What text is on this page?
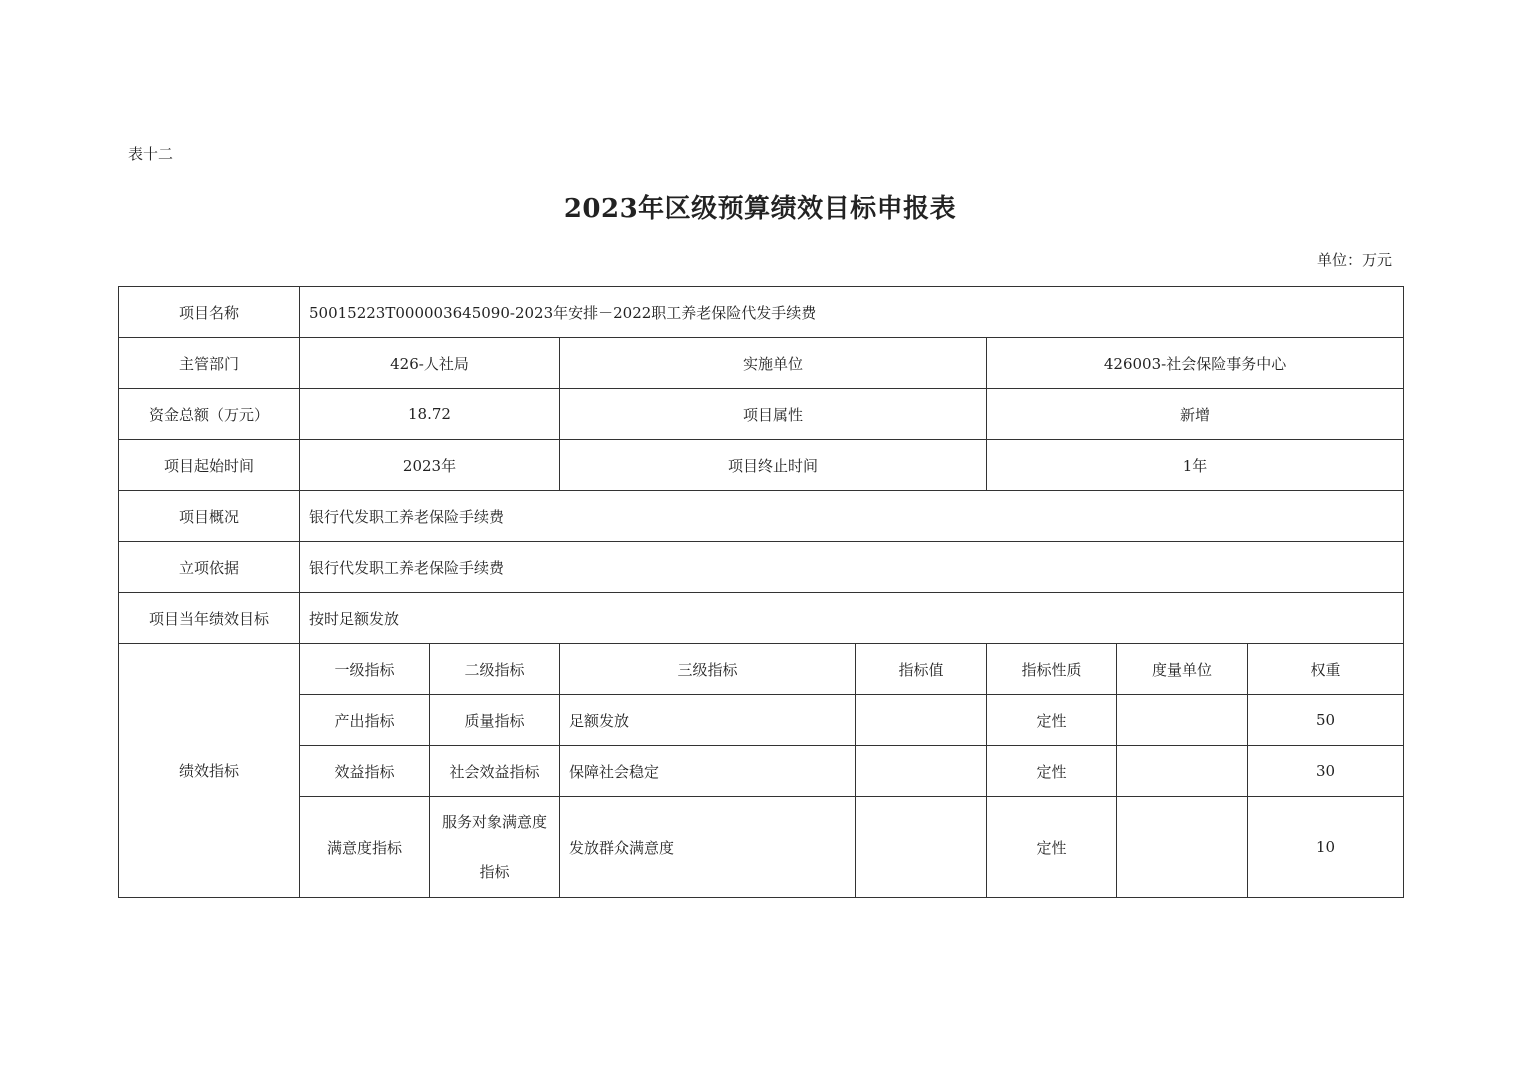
表十二
2023年区级预算绩效目标申报表
单位：万元
项目名称	50015223T000003645090-2023年安排－2022职工养老保险代发手续费						
主管部门	426-人社局		实施单位		426003-社会保险事务中心		
资金总额（万元）	18.72		项目属性		新增		
项目起始时间	2023年		项目终止时间		1年		
项目概况	银行代发职工养老保险手续费						
立项依据	银行代发职工养老保险手续费						
项目当年绩效目标	按时足额发放						
绩效指标	一级指标	二级指标	三级指标	指标值	指标性质	度量单位	权重
	产出指标	质量指标	足额发放		定性		50
	效益指标	社会效益指标	保障社会稳定		定性		30
	满意度指标	服务对象满意度指标	发放群众满意度		定性		10
